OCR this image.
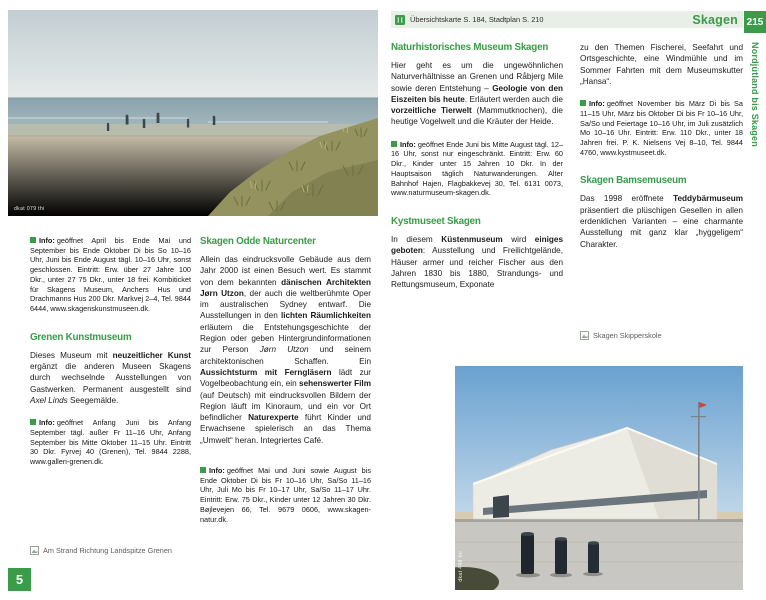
dkat 079 thi
Übersichtskarte S. 184, Stadtplan S. 210	Skagen 215
Nordjütland bis Skagen

Info: geöffnet April bis Ende Mai und September bis Ende Oktober Di bis So 10–16 Uhr, Juni bis Ende August tägl. 10–16 Uhr, sonst geschlossen. Eintritt: Erw. über 27 Jahre 100 Dkr., unter 27 75 Dkr., unter 18 frei. Kombiticket für Skagens Museum, Anchers Hus und Drachmanns Hus 200 Dkr. Markvej 2–4, Tel. 9844 6444, www.skagenskunstmuseen.dk.

Grenen Kunstmuseum

Dieses Museum mit neuzeitlicher Kunst ergänzt die anderen Museen Skagens durch wechselnde Ausstellungen von Gastwerken. Permanent ausgestellt sind Axel Linds Seegemälde.

Info: geöffnet Anfang Juni bis Anfang September tägl. außer Fr 11–16 Uhr, Anfang September bis Mitte Oktober 11–15 Uhr. Eintritt 30 Dkr. Fyrvej 40 (Grenen), Tel. 9844 2288, www.galleri-grenen.dk.

Skagen Odde Naturcenter

Allein das eindrucksvolle Gebäude aus dem Jahr 2000 ist einen Besuch wert. Es stammt von dem bekannten dänischen Architekten Jørn Utzon, der auch die weltberühmte Oper im australischen Sydney entwarf. Die Ausstellungen in den lichten Räumlichkeiten erläutern die Entstehungsgeschichte der Region oder geben Hintergrundinformationen zur Person Jørn Utzon und seinem architektonischen Schaffen. Ein Aussichtsturm mit Ferngläsern lädt zur Vogelbeobachtung ein, ein sehenswerter Film (auf Deutsch) mit eindrucksvollen Bildern der Region läuft im Kinoraum, und ein vor Ort befindlicher Naturexperte führt Kinder und Erwachsene spielerisch an das Thema „Umwelt“ heran. Integriertes Café.

Info: geöffnet Mai und Juni sowie August bis Ende Oktober Di bis Fr 10–16 Uhr, Sa/So 11–16 Uhr, Juli Mo bis Fr 10–17 Uhr, Sa/So 11–17 Uhr. Eintritt: Erw. 75 Dkr., Kinder unter 12 Jahren 30 Dkr. Bøjlevejen 66, Tel. 9679 0606, www.skagen-natur.dk.

Naturhistorisches Museum Skagen

Hier geht es um die ungewöhnlichen Naturverhältnisse an Grenen und Råbjerg Mile sowie deren Entstehung – Geologie von den Eiszeiten bis heute. Erläutert werden auch die vorzeitliche Tierwelt (Mammutknochen), die heutige Vogelwelt und die Kräuter der Heide.

Info: geöffnet Ende Juni bis Mitte August tägl. 12–16 Uhr, sonst nur eingeschränkt. Eintritt: Erw. 60 Dkr., Kinder unter 15 Jahren 10 Dkr. In der Hauptsaison täglich Naturwanderungen. Alter Bahnhof Hajen, Flagbakkevej 30, Tel. 6131 0073, www.naturmuseum-skagen.dk.

Kystmuseet Skagen

In diesem Küstenmuseum wird einiges geboten: Ausstellung und Freilichtgelände, Häuser armer und reicher Fischer aus den Jahren 1830 bis 1880, Strandungs- und Rettungsmuseum, Exponate

zu den Themen Fischerei, Seefahrt und Ortsgeschichte, eine Windmühle und im Sommer Fahrten mit dem Museumskutter „Hansa“.

Info: geöffnet November bis März Di bis Sa 11–15 Uhr, März bis Oktober Di bis Fr 10–16 Uhr, Sa/So und Feiertage 10–16 Uhr, im Juli zusätzlich Mo 10–16 Uhr. Eintritt: Erw. 110 Dkr., unter 18 Jahren frei. P. K. Nielsens Vej 8–10, Tel. 9844 4760, www.kystmuseet.dk.

Skagen Bamsemuseum

Das 1998 eröffnete Teddybärmuseum präsentiert die plüschigen Gesellen in allen erdenklichen Varianten – eine charmante Ausstellung mit ganz klar „hyggeligem“ Charakter.

Am Strand Richtung Landspitze Grenen
Skagen Skipperskole
dkat 448 thi
5
